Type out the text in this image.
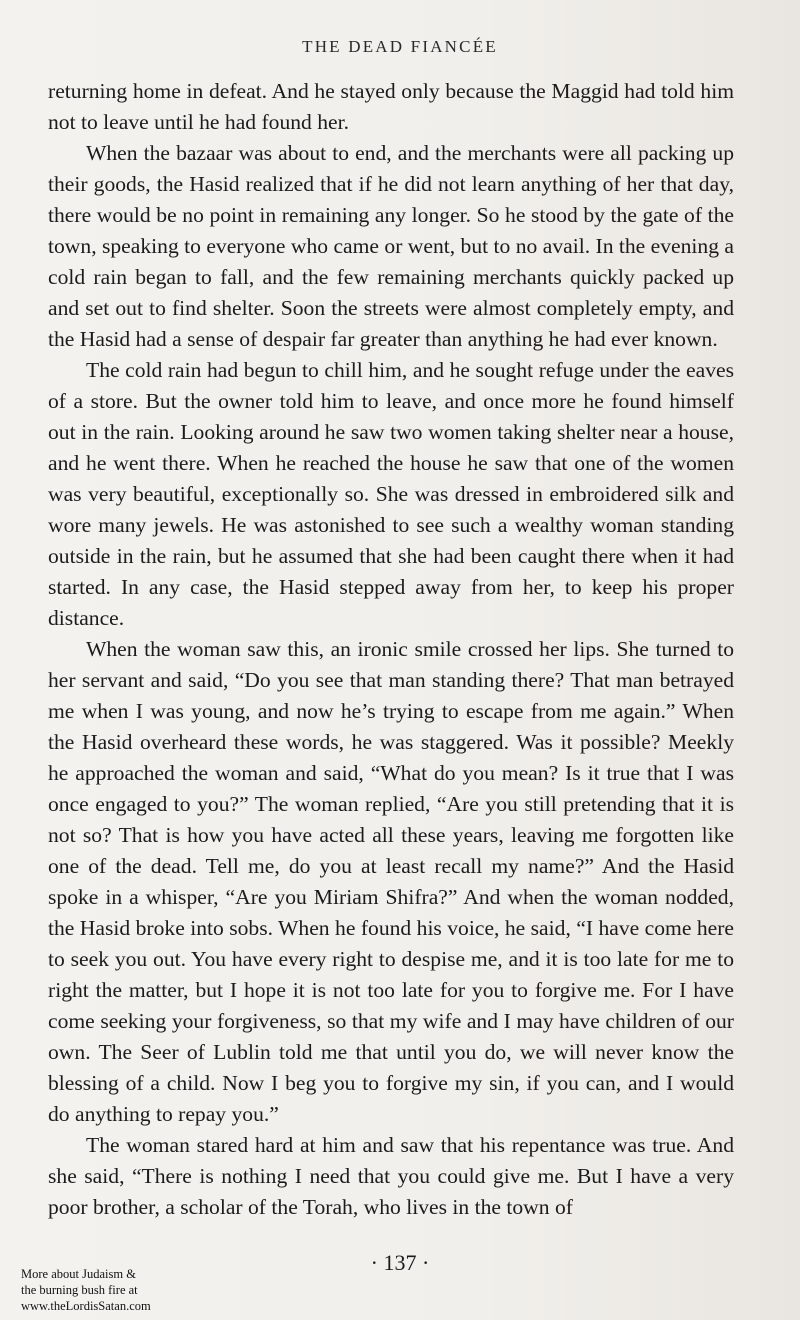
THE DEAD FIANCÉE

returning home in defeat. And he stayed only because the Maggid had told him not to leave until he had found her.

When the bazaar was about to end, and the merchants were all packing up their goods, the Hasid realized that if he did not learn anything of her that day, there would be no point in remaining any longer. So he stood by the gate of the town, speaking to everyone who came or went, but to no avail. In the evening a cold rain began to fall, and the few remaining merchants quickly packed up and set out to find shelter. Soon the streets were almost completely empty, and the Hasid had a sense of despair far greater than anything he had ever known.

The cold rain had begun to chill him, and he sought refuge under the eaves of a store. But the owner told him to leave, and once more he found himself out in the rain. Looking around he saw two women taking shelter near a house, and he went there. When he reached the house he saw that one of the women was very beautiful, exceptionally so. She was dressed in embroidered silk and wore many jewels. He was astonished to see such a wealthy woman standing outside in the rain, but he assumed that she had been caught there when it had started. In any case, the Hasid stepped away from her, to keep his proper distance.

When the woman saw this, an ironic smile crossed her lips. She turned to her servant and said, “Do you see that man standing there? That man betrayed me when I was young, and now he’s trying to escape from me again.” When the Hasid overheard these words, he was staggered. Was it possible? Meekly he approached the woman and said, “What do you mean? Is it true that I was once engaged to you?” The woman replied, “Are you still pretending that it is not so? That is how you have acted all these years, leaving me forgotten like one of the dead. Tell me, do you at least recall my name?” And the Hasid spoke in a whisper, “Are you Miriam Shifra?” And when the woman nodded, the Hasid broke into sobs. When he found his voice, he said, “I have come here to seek you out. You have every right to despise me, and it is too late for me to right the matter, but I hope it is not too late for you to forgive me. For I have come seeking your forgiveness, so that my wife and I may have children of our own. The Seer of Lublin told me that until you do, we will never know the blessing of a child. Now I beg you to forgive my sin, if you can, and I would do anything to repay you.”

The woman stared hard at him and saw that his repentance was true. And she said, “There is nothing I need that you could give me. But I have a very poor brother, a scholar of the Torah, who lives in the town of

· 137 ·
More about Judaism &
the burning bush fire at
www.theLordisSatan.com
